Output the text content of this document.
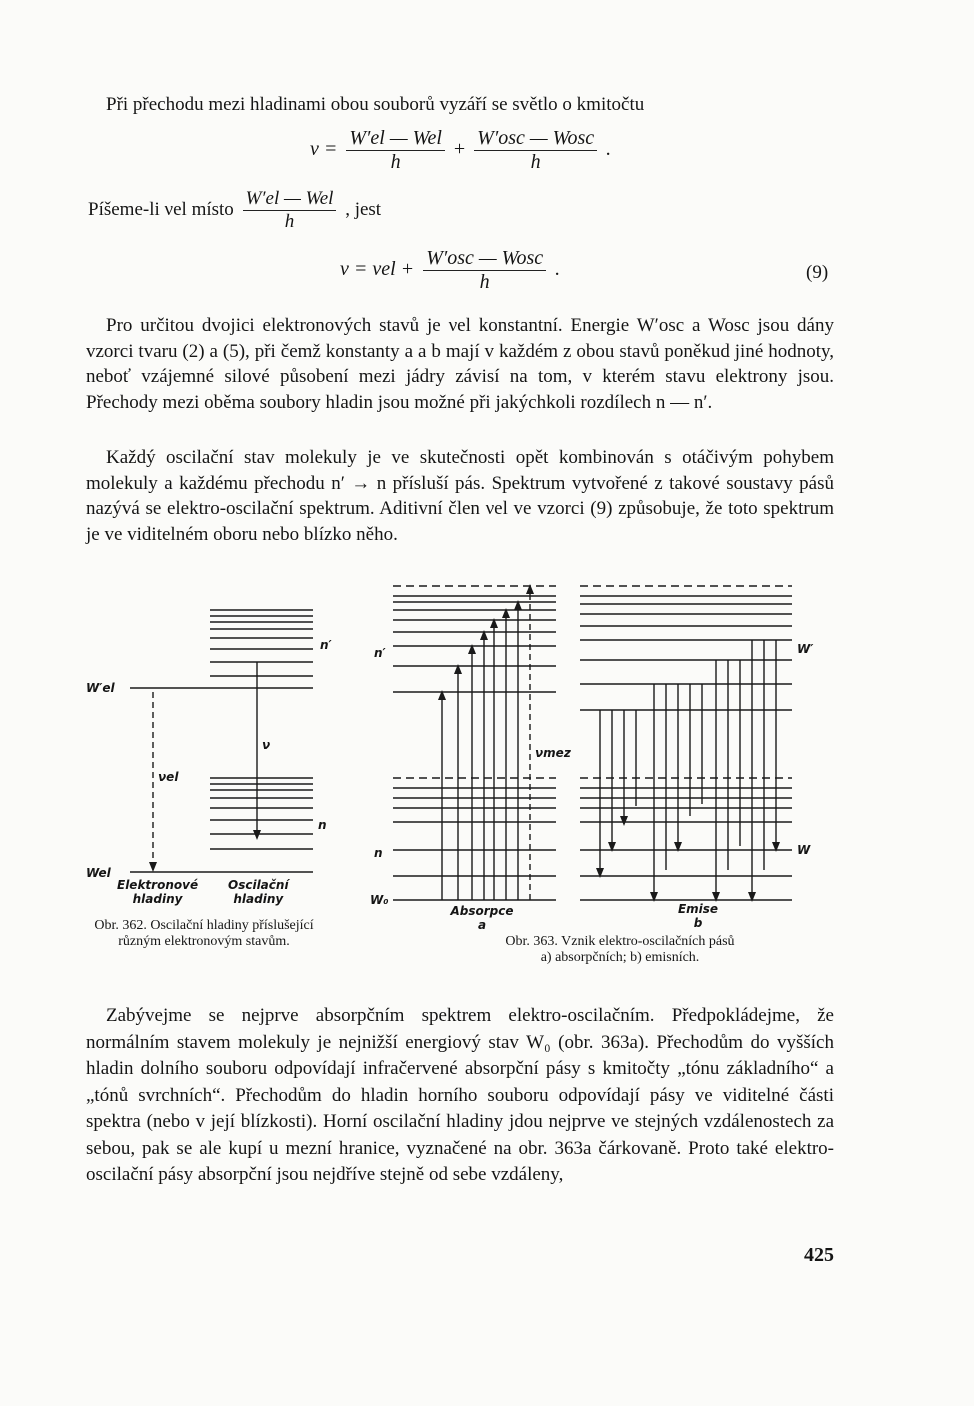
Při přechodu mezi hladinami obou souborů vyzáří se světlo o kmitočtu

$\nu = \frac{\text{W′el — Wel}}{h} + \frac{\text{W′osc — Wosc}}{h}$ .
Píšeme-li νel místo $\frac{\text{W′el — Wel}}{h}$ , jest
$\nu = \nu el + \frac{\text{W′osc — Wosc}}{h}$ .	(9)

Pro určitou dvojici elektronových stavů je νel konstantní. Energie W′osc a Wosc jsou dány vzorci tvaru (2) a (5), při čemž konstanty a a b mají v každém z obou stavů poněkud jiné hodnoty, neboť vzájemné silové působení mezi jádry závisí na tom, v kterém stavu elektrony jsou. Přechody mezi oběma soubory hladin jsou možné při jakýchkoli rozdílech n — n′.

Každý oscilační stav molekuly je ve skutečnosti opět kombinován s otáčivým pohybem molekuly a každému přechodu n′ → n přísluší pás. Spektrum vytvořené z takové soustavy pásů nazývá se elektro-oscilační spektrum. Aditivní člen νel ve vzorci (9) způsobuje, že toto spektrum je ve viditelném oboru nebo blízko něho.

W′el
Wel
νel
ν
n′
n
Elektronové
hladiny
Oscilační
hladiny
Obr. 362. Oscilační hladiny příslušející různým elektronovým stavům.
n′
n
W₀
νmez
W′
W
Absorpce
a
Emise
b
Obr. 363. Vznik elektro-oscilačních pásů
a) absorpčních; b) emisních.

Zabývejme se nejprve absorpčním spektrem elektro-oscilačním. Předpokládejme, že normálním stavem molekuly je nejnižší energiový stav W₀ (obr. 363a). Přechodům do vyšších hladin dolního souboru odpovídají infračervené absorpční pásy s kmitočty „tónu základního“ a „tónů svrchních“. Přechodům do hladin horního souboru odpovídají pásy ve viditelné části spektra (nebo v její blízkosti). Horní oscilační hladiny jdou nejprve ve stejných vzdálenostech za sebou, pak se ale kupí u mezní hranice, vyznačené na obr. 363a čárkovaně. Proto také elektro-oscilační pásy absorpční jsou nejdříve stejně od sebe vzdáleny,

425
